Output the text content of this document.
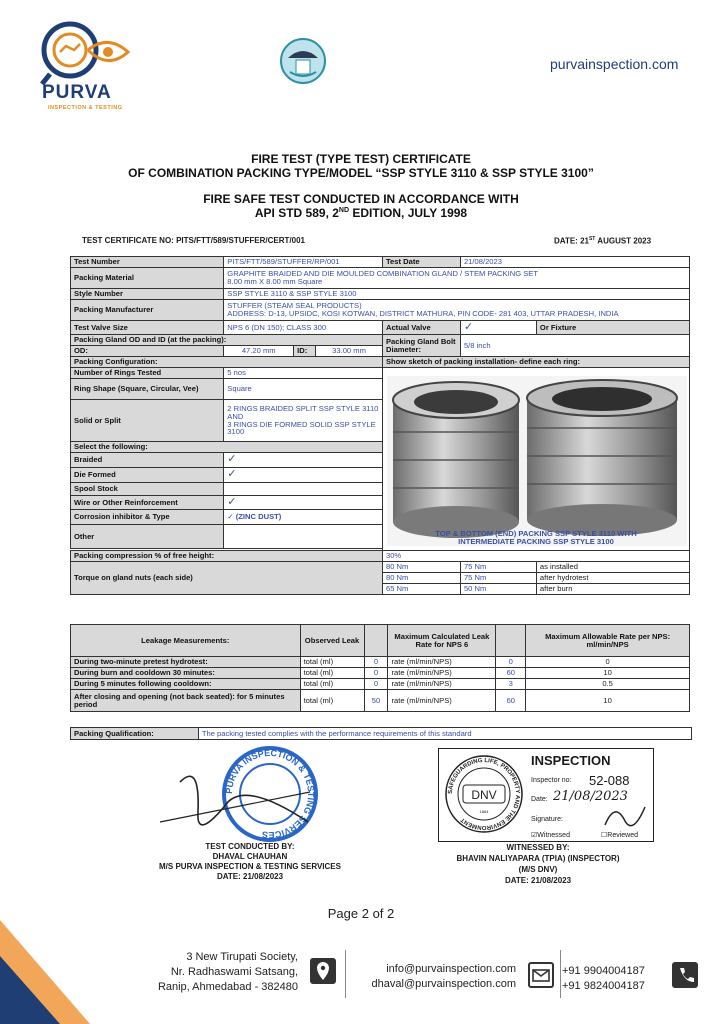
PURVA
INSPECTION & TESTING
purvainspection.com
FIRE TEST (TYPE TEST) CERTIFICATE
OF COMBINATION PACKING TYPE/MODEL “SSP STYLE 3110 & SSP STYLE 3100”
FIRE SAFE TEST CONDUCTED IN ACCORDANCE WITH
API STD 589, 2ND EDITION, JULY 1998
TEST CERTIFICATE NO: PITS/FTT/589/STUFFER/CERT/001	DATE: 21ST AUGUST 2023
Test Number	PITS/FTT/589/STUFFER/RP/001			Test Date	21/08/2023	
Packing Material	GRAPHITE BRAIDED AND DIE MOULDED COMBINATION GLAND / STEM PACKING SET
8.00 mm X 8.00 mm Square					

Style Number	SSP STYLE 3110 & SSP STYLE 3100					
Packing Manufacturer	STUFFER (STEAM SEAL PRODUCTS)
ADDRESS: D-13, UPSIDC, KOSI KOTWAN, DISTRICT MATHURA, PIN CODE- 281 403, UTTAR PRADESH, INDIA					

Test Valve Size	NPS 6 (DN 150); CLASS 300			Actual Valve	✓	Or Fixture
Packing Gland OD and ID (at the packing):				Packing Gland Bolt Diameter:	5/8 inch	
OD:	47.20 mm	ID:	33.00 mm			
Packing Configuration:				Show sketch of packing installation- define each ring:		
Number of Rings Tested	5 nos			TOP & BOTTOM (END) PACKING SSP STYLE 3110 WITH
INTERMEDIATE PACKING SSP STYLE 3100		

Ring Shape (Square, Circular, Vee)	Square					
Solid or Split	2 RINGS BRAIDED SPLIT SSP STYLE 3110 AND
3 RINGS DIE FORMED SOLID SSP STYLE 3100					

Select the following:						
Braided	✓					
Die Formed	✓					
Spool Stock						
Wire or Other Reinforcement	✓					
Corrosion inhibitor & Type	✓ (ZINC DUST)					
Other						

Packing compression % of free height:				30%		
Torque on gland nuts (each side)				80 Nm	75 Nm	as installed
				80 Nm	75 Nm	after hydrotest
				65 Nm	50 Nm	after burn
Leakage Measurements:	Observed Leak		Maximum Calculated Leak Rate for NPS 6		Maximum Allowable Rate per NPS: ml/min/NPS
During two-minute pretest hydrotest:	total (ml)	0	rate (ml/min/NPS)	0	0
During burn and cooldown 30 minutes:	total (ml)	0	rate (ml/min/NPS)	60	10
During 5 minutes following cooldown:	total (ml)	0	rate (ml/min/NPS)	3	0.5
After closing and opening (not back seated): for 5 minutes period	total (ml)	50	rate (ml/min/NPS)	60	10
Packing Qualification:	The packing tested complies with the performance requirements of this standard
PURVA INSPECTION & TESTING SERVICES
TEST CONDUCTED BY:
DHAVAL CHAUHAN
M/S PURVA INSPECTION & TESTING SERVICES
DATE: 21/08/2023
SAFEGUARDING LIFE, PROPERTY AND THE ENVIRONMENT
DNV
1864
INSPECTION
Inspector no: 52-088
Date: 21/08/2023
Signature:
☑Witnessed	☐Reviewed
WITNESSED BY:
BHAVIN NALIYAPARA (TPIA) (INSPECTOR)
(M/S DNV)
DATE: 21/08/2023
Page 2 of 2
3 New Tirupati Society,
Nr. Radhaswami Satsang,
Ranip, Ahmedabad - 382480
info@purvainspection.com
dhaval@purvainspection.com
+91 9904004187
+91 9824004187
